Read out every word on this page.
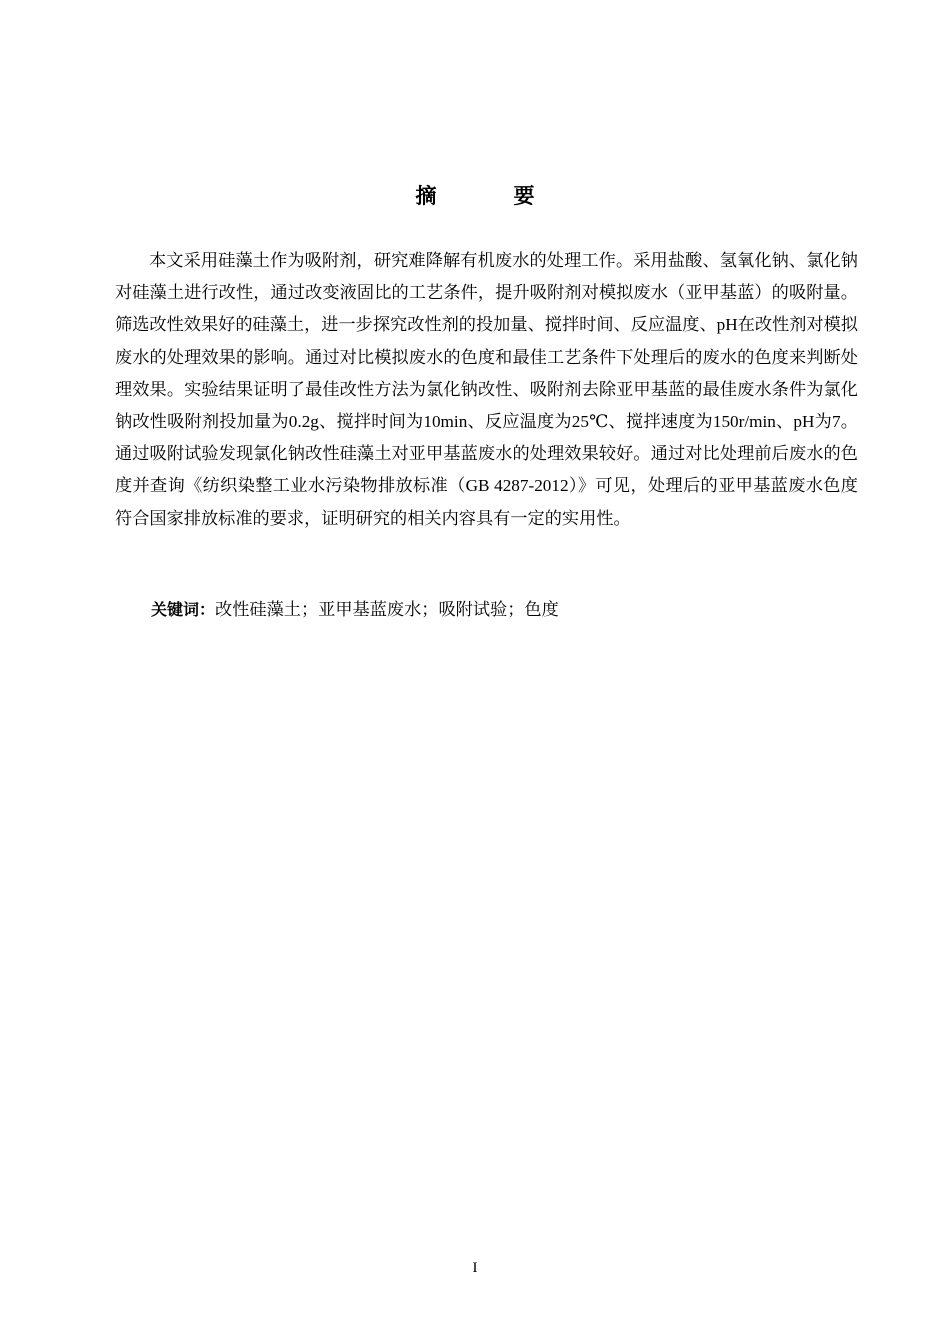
摘　要

本文采用硅藻土作为吸附剂，研究难降解有机废水的处理工作。采用盐酸、氢氧化钠、氯化钠对硅藻土进行改性，通过改变液固比的工艺条件，提升吸附剂对模拟废水（亚甲基蓝）的吸附量。筛选改性效果好的硅藻土，进一步探究改性剂的投加量、搅拌时间、反应温度、pH在改性剂对模拟废水的处理效果的影响。通过对比模拟废水的色度和最佳工艺条件下处理后的废水的色度来判断处理效果。实验结果证明了最佳改性方法为氯化钠改性、吸附剂去除亚甲基蓝的最佳废水条件为氯化钠改性吸附剂投加量为0.2g、搅拌时间为10min、反应温度为25℃、搅拌速度为150r/min、pH为7。通过吸附试验发现氯化钠改性硅藻土对亚甲基蓝废水的处理效果较好。通过对比处理前后废水的色度并查询《纺织染整工业水污染物排放标准（GB 4287-2012）》可见，处理后的亚甲基蓝废水色度符合国家排放标准的要求，证明研究的相关内容具有一定的实用性。

关键词：改性硅藻土；亚甲基蓝废水；吸附试验；色度

I
